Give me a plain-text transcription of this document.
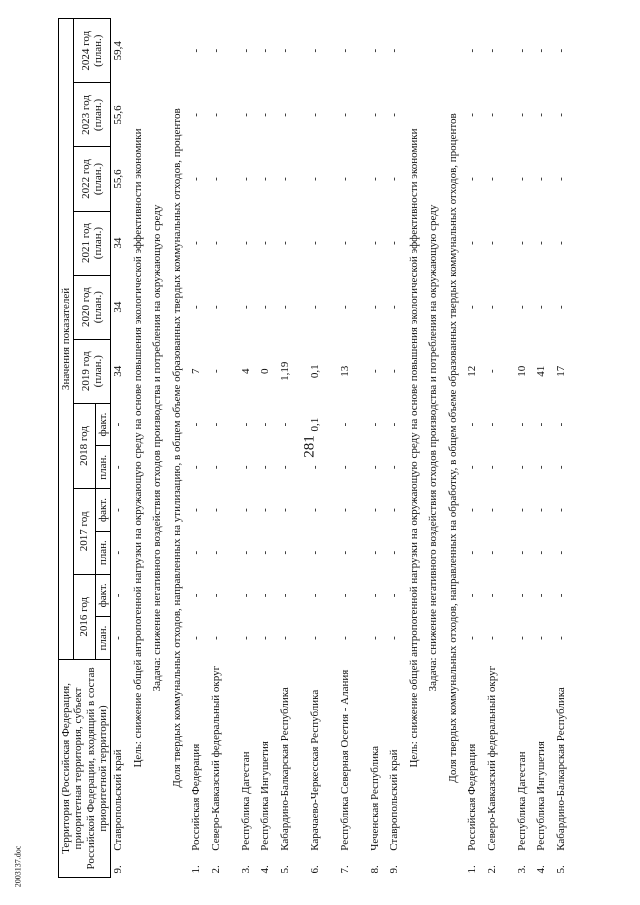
281
2003137.doc
Территория (Российская Федерация, приоритетная территория, субъект Российской Федерации, входящий в состав приоритетной территории)		Значения показателей											
		2016 год		2017 год		2018 год		2019 год (план.)	2020 год (план.)	2021 год (план.)	2022 год (план.)	2023 год (план.)	2024 год (план.)
		план.	факт.	план.	факт.	план.	факт.						
9.	Ставропольский край	-	-	-	-	-	-	34	34	34	55,6	55,6	59,4
Цель: снижение общей антропогенной нагрузки на окружающую среду на основе повышения экологической эффективности экономики													
Задача: снижение негативного воздействия отходов производства и потребления на окружающую среду													
Доля твердых коммунальных отходов, направленных на утилизацию, в общем объеме образованных твердых коммунальных отходов, процентов													
1.	Российская Федерация	-	-	-	-	-	-	7	-	-	-	-	-
2.	Северо-Кавказский федеральный округ	-	-	-	-	-	-	-	-	-	-	-	-
3.	Республика Дагестан	-	-	-	-	-	-	4	-	-	-	-	-
4.	Республика Ингушетия	-	-	-	-	-	-	0	-	-	-	-	-
5.	Кабардино-Балкарская Республика	-	-	-	-	-	-	1,19	-	-	-	-	-
6.	Карачаево-Черкесская Республика	-	-	-	-	-	0,1	0,1	-	-	-	-	-
7.	Республика Северная Осетия - Алания	-	-	-	-	-	-	13	-	-	-	-	-
8.	Чеченская Республика	-	-	-	-	-	-	-	-	-	-	-	-
9.	Ставропольский край	-	-	-	-	-	-	-	-	-	-	-	-
Цель: снижение общей антропогенной нагрузки на окружающую среду на основе повышения экологической эффективности экономики													
Задача: снижение негативного воздействия отходов производства и потребления на окружающую среду													
Доля твердых коммунальных отходов, направленных на обработку, в общем объеме образованных твердых коммунальных отходов, процентов													
1.	Российская Федерация	-	-	-	-	-	-	12	-	-	-	-	-
2.	Северо-Кавказский федеральный округ	-	-	-	-	-	-	-	-	-	-	-	-
3.	Республика Дагестан	-	-	-	-	-	-	10	-	-	-	-	-
4.	Республика Ингушетия	-	-	-	-	-	-	41	-	-	-	-	-
5.	Кабардино-Балкарская Республика	-	-	-	-	-	-	17	-	-	-	-	-
